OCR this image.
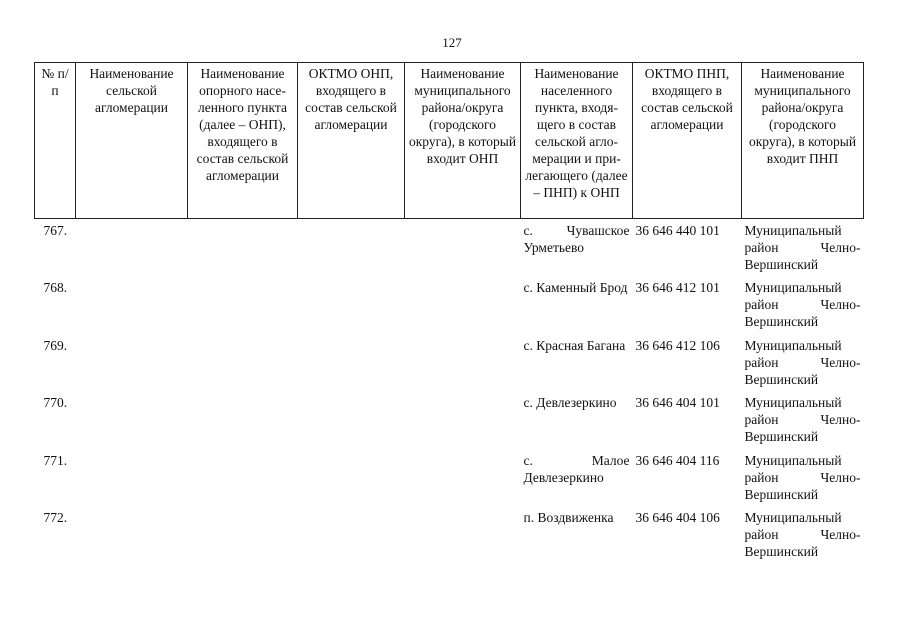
127
№ п/п	Наименование сельской агломерации	Наименование опорного населенного пункта (далее – ОНП), входящего в состав сельской агломерации	ОКТМО ОНП, входящего в состав сельской агломерации	Наименование муниципального района/округа (городского округа), в который входит ОНП	Наименование населенного пункта, входящего в состав сельской агломерации и прилегающего (далее – ПНП) к ОНП	ОКТМО ПНП, входящего в состав сельской агломерации	Наименование муниципального района/округа (городского округа), в который входит ПНП
767.					с. Чувашское Урметьево	36 646 440 101	Муниципальный район Челно-Вершинский
768.					с. Каменный Брод	36 646 412 101	Муниципальный район Челно-Вершинский
769.					с. Красная Багана	36 646 412 106	Муниципальный район Челно-Вершинский
770.					с. Девлезеркино	36 646 404 101	Муниципальный район Челно-Вершинский
771.					с. Малое Девлезеркино	36 646 404 116	Муниципальный район Челно-Вершинский
772.					п. Воздвиженка	36 646 404 106	Муниципальный район Челно-Вершинский
